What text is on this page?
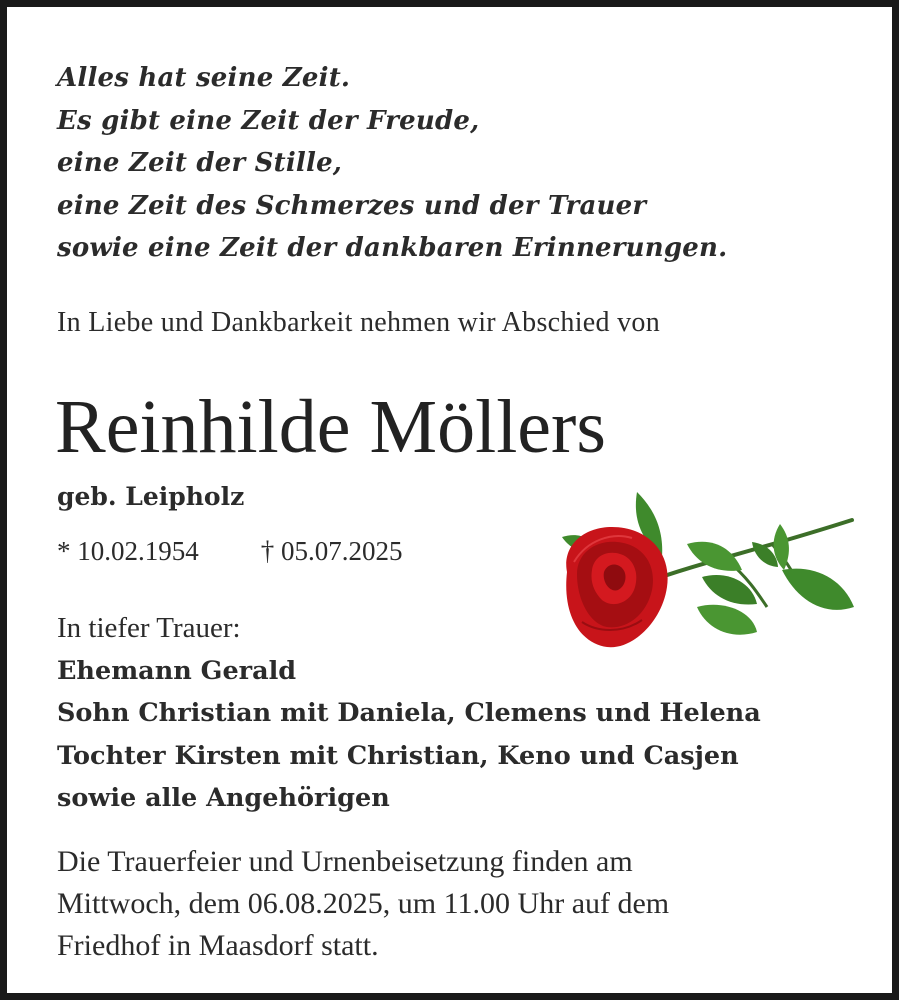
Alles hat seine Zeit.
Es gibt eine Zeit der Freude,
eine Zeit der Stille,
eine Zeit des Schmerzes und der Trauer
sowie eine Zeit der dankbaren Erinnerungen.
In Liebe und Dankbarkeit nehmen wir Abschied von
Reinhilde Möllers
geb. Leipholz
* 10.02.1954 † 05.07.2025
In tiefer Trauer:
Ehemann Gerald
Sohn Christian mit Daniela, Clemens und Helena
Tochter Kirsten mit Christian, Keno und Casjen
sowie alle Angehörigen
Die Trauerfeier und Urnenbeisetzung finden am
Mittwoch, dem 06.08.2025, um 11.00 Uhr auf dem
Friedhof in Maasdorf statt.
